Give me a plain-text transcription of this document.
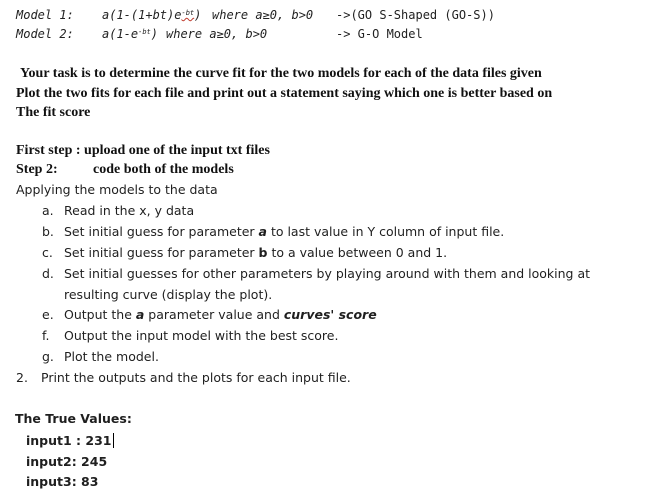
Model 1: $a(1-(1+bt)e^{-bt})$ where a≥0, b>0 ->(GO S-Shaped (GO-S))
Model 2: $a(1-e^{-bt})$ where a≥0, b>0	-> G-O Model
Your task is to determine the curve fit for the two models for each of the data files given
Plot the two fits for each file and print out a statement saying which one is better based on
The fit score
First step : upload one of the input txt files
Step 2:	code both of the models
Applying the models to the data
a. Read in the x, y data
b. Set initial guess for parameter a to last value in Y column of input file.
c. Set initial guess for parameter b to a value between 0 and 1.
d. Set initial guesses for other parameters by playing around with them and looking at
resulting curve (display the plot).
e. Output the a parameter value and curves' score
f. Output the input model with the best score.
g. Plot the model.
2. Print the outputs and the plots for each input file.
The True Values:
input1 : 231
input2: 245
input3: 83
